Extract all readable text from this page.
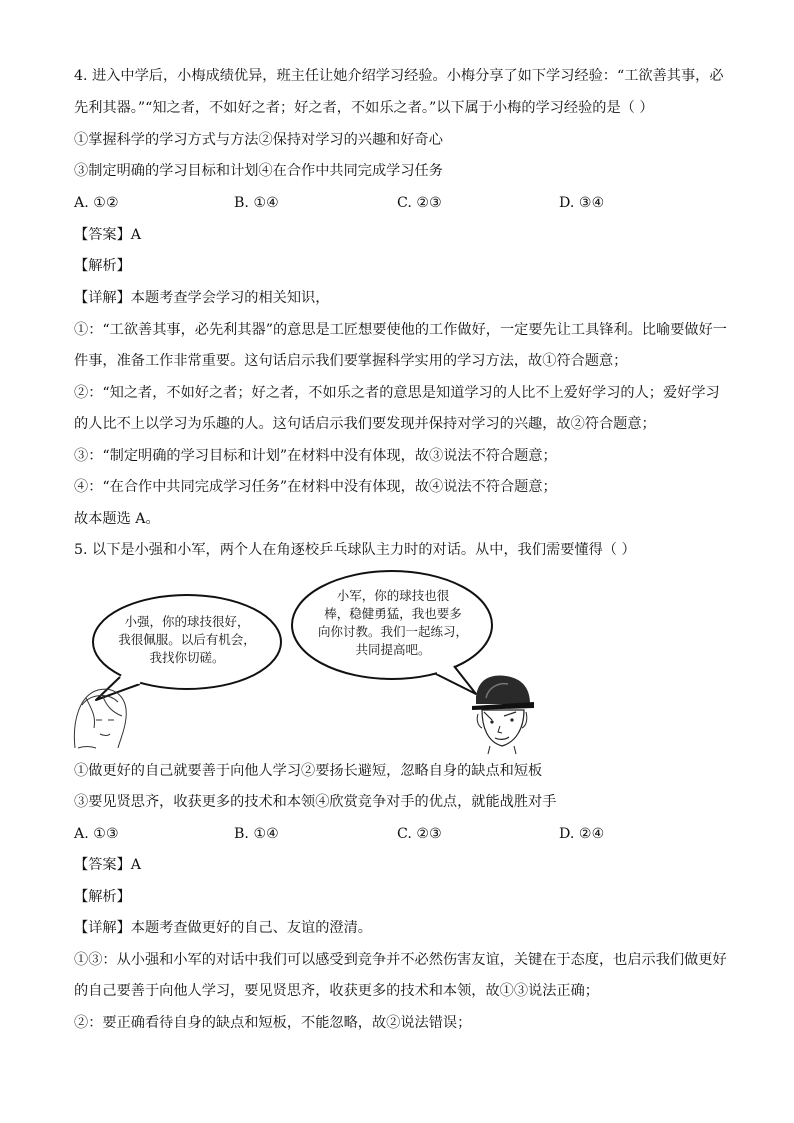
4. 进入中学后，小梅成绩优异，班主任让她介绍学习经验。小梅分享了如下学习经验：“工欲善其事，必
先利其器。”“知之者，不如好之者；好之者，不如乐之者。”以下属于小梅的学习经验的是（ ）
①掌握科学的学习方式与方法②保持对学习的兴趣和好奇心
③制定明确的学习目标和计划④在合作中共同完成学习任务
A. ①②	B. ①④	C. ②③	D. ③④
【答案】A
【解析】
【详解】本题考查学会学习的相关知识，
①：“工欲善其事，必先利其器”的意思是工匠想要使他的工作做好，一定要先让工具锋利。比喻要做好一
件事，准备工作非常重要。这句话启示我们要掌握科学实用的学习方法，故①符合题意；
②：“知之者，不如好之者；好之者，不如乐之者的意思是知道学习的人比不上爱好学习的人；爱好学习
的人比不上以学习为乐趣的人。这句话启示我们要发现并保持对学习的兴趣，故②符合题意；
③：“制定明确的学习目标和计划”在材料中没有体现，故③说法不符合题意；
④：“在合作中共同完成学习任务”在材料中没有体现，故④说法不符合题意；
故本题选 A。
5. 以下是小强和小军，两个人在角逐校乒乓球队主力时的对话。从中，我们需要懂得（ ）
小强，你的球技很好，
我很佩服。以后有机会，
我找你切磋。
小军，你的球技也很
棒，稳健勇猛，我也要多
向你讨教。我们一起练习，
共同提高吧。
①做更好的自己就要善于向他人学习②要扬长避短，忽略自身的缺点和短板
③要见贤思齐，收获更多的技术和本领④欣赏竞争对手的优点，就能战胜对手
A. ①③	B. ①④	C. ②③	D. ②④
【答案】A
【解析】
【详解】本题考查做更好的自己、友谊的澄清。
①③：从小强和小军的对话中我们可以感受到竞争并不必然伤害友谊，关键在于态度，也启示我们做更好
的自己要善于向他人学习，要见贤思齐，收获更多的技术和本领，故①③说法正确；
②：要正确看待自身的缺点和短板，不能忽略，故②说法错误；
